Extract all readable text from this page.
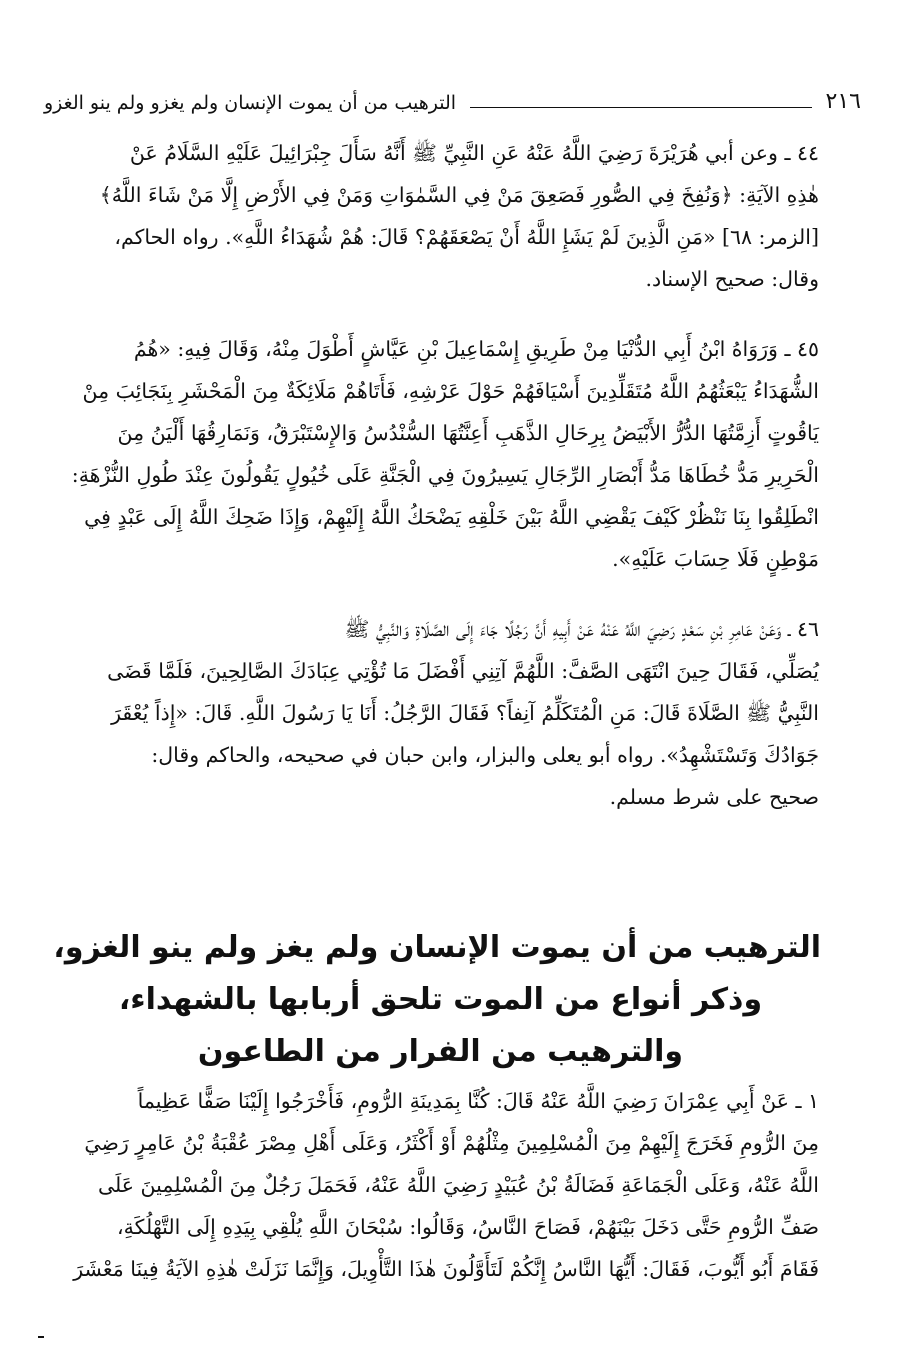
٢١٦
الترهيب من أن يموت الإنسان ولم يغزو ولم ينو الغزو

٤٤ ـ وعن أبي هُرَيْرَةَ رَضِيَ اللَّهُ عَنْهُ عَنِ النَّبِيِّ ﷺ أَنَّهُ سَأَلَ جِبْرَائِيلَ عَلَيْهِ السَّلَامُ عَنْ

هٰذِهِ الآيَةِ: ﴿وَنُفِخَ فِي الصُّورِ فَصَعِقَ مَنْ فِي السَّمٰوَاتِ وَمَنْ فِي الأَرْضِ إِلَّا مَنْ شَاءَ اللَّهُ﴾

[الزمر: ٦٨] «مَنِ الَّذِينَ لَمْ يَشَإِ اللَّهُ أَنْ يَصْعَقَهُمْ؟ قَالَ: هُمْ شُهَدَاءُ اللَّهِ». رواه الحاكم،

وقال: صحيح الإسناد.

٤٥ ـ وَرَوَاهُ ابْنُ أَبِي الدُّنْيَا مِنْ طَرِيقِ إِسْمَاعِيلَ بْنِ عَيَّاشٍ أَطْوَلَ مِنْهُ، وَقَالَ فِيهِ: «هُمُ

الشُّهَدَاءُ يَبْعَثُهُمُ اللَّهُ مُتَقَلِّدِينَ أَسْيَافَهُمْ حَوْلَ عَرْشِهِ، فَأَتَاهُمْ مَلَائِكَةٌ مِنَ الْمَحْشَرِ بِنَجَائِبَ مِنْ

يَاقُوتٍ أَزِمَّتُهَا الدُّرُّ الأَبْيَضُ بِرِحَالِ الذَّهَبِ أَعِنَّتُهَا السُّنْدُسُ وَالإِسْتَبْرَقُ، وَنَمَارِقُهَا أَلْيَنُ مِنَ

الْحَرِيرِ مَدُّ خُطَاهَا مَدُّ أَبْصَارِ الرِّجَالِ يَسِيرُونَ فِي الْجَنَّةِ عَلَى خُيُولٍ يَقُولُونَ عِنْدَ طُولِ النُّزْهَةِ:

انْطَلِقُوا بِنَا نَنْظُرْ كَيْفَ يَقْضِي اللَّهُ بَيْنَ خَلْقِهِ يَضْحَكُ اللَّهُ إِلَيْهِمْ، وَإِذَا ضَحِكَ اللَّهُ إِلَى عَبْدٍ فِي

مَوْطِنٍ فَلَا حِسَابَ عَلَيْهِ».

٤٦ ـ وَعَنْ عَامِرِ بْنِ سَعْدٍ رَضِيَ اللَّهُ عَنْهُ عَنْ أَبِيهِ أَنَّ رَجُلًا جَاءَ إِلَى الصَّلَاةِ وَالنَّبِيُّ ﷺ

يُصَلِّي، فَقَالَ حِينَ انْتَهَى الصَّفَّ: اللَّهُمَّ آتِنِي أَفْضَلَ مَا تُؤْتِي عِبَادَكَ الصَّالِحِينَ، فَلَمَّا قَضَى

النَّبِيُّ ﷺ الصَّلَاةَ قَالَ: مَنِ الْمُتَكَلِّمُ آنِفاً؟ فَقَالَ الرَّجُلُ: أَنَا يَا رَسُولَ اللَّهِ. قَالَ: «إِذاً يُعْقَرَ

جَوَادُكَ وَتَسْتَشْهِدُ». رواه أبو يعلى والبزار، وابن حبان في صحيحه، والحاكم وقال:

صحيح على شرط مسلم.

الترهيب من أن يموت الإنسان ولم يغز ولم ينو الغزو،
وذكر أنواع من الموت تلحق أربابها بالشهداء،
والترهيب من الفرار من الطاعون

١ ـ عَنْ أَبِي عِمْرَانَ رَضِيَ اللَّهُ عَنْهُ قَالَ: كُنَّا بِمَدِينَةِ الرُّومِ، فَأَخْرَجُوا إِلَيْنَا صَفًّا عَظِيماً

مِنَ الرُّومِ فَخَرَجَ إِلَيْهِمْ مِنَ الْمُسْلِمِينَ مِثْلُهُمْ أَوْ أَكْثَرُ، وَعَلَى أَهْلِ مِصْرَ عُقْبَةُ بْنُ عَامِرٍ رَضِيَ

اللَّهُ عَنْهُ، وَعَلَى الْجَمَاعَةِ فَضَالَةُ بْنُ عُبَيْدٍ رَضِيَ اللَّهُ عَنْهُ، فَحَمَلَ رَجُلٌ مِنَ الْمُسْلِمِينَ عَلَى

صَفِّ الرُّومِ حَتَّى دَخَلَ بَيْنَهُمْ، فَصَاحَ النَّاسُ، وَقَالُوا: سُبْحَانَ اللَّهِ يُلْقِي بِيَدِهِ إِلَى التَّهْلُكَةِ،

فَقَامَ أَبُو أَيُّوبَ، فَقَالَ: أَيُّهَا النَّاسُ إِنَّكُمْ لَتَأَوَّلُونَ هٰذَا التَّأْوِيلَ، وَإِنَّمَا نَزَلَتْ هٰذِهِ الآيَةُ فِينَا مَعْشَرَ
